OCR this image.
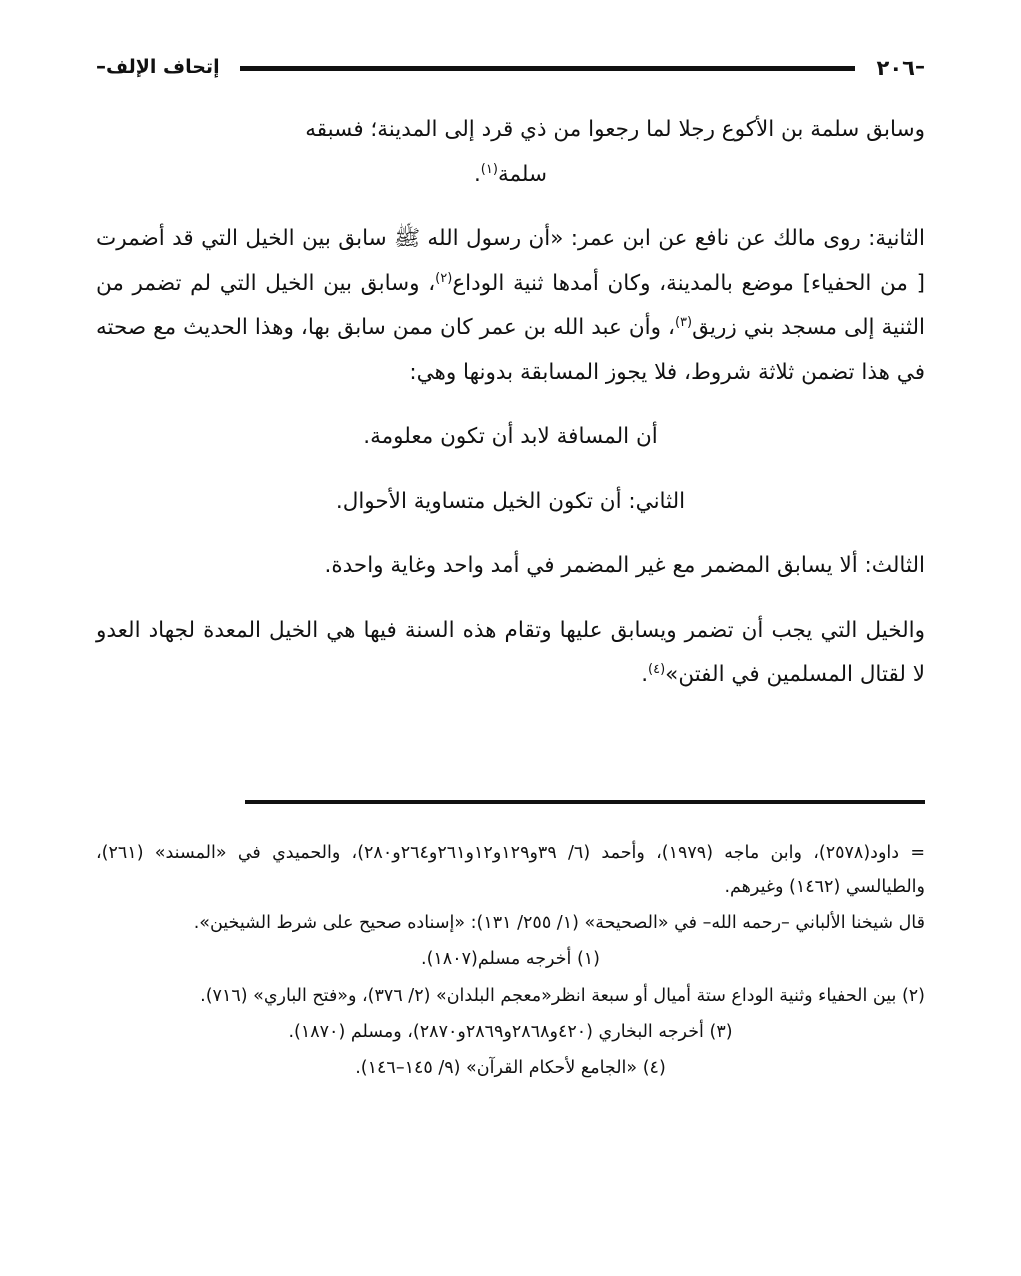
–
٢٠٦
إتحاف الإلف
–

وسابق سلمة بن الأكوع رجلا لما رجعوا من ذي قرد إلى المدينة؛ فسبقه
سلمة$^{(١)}$.

الثانية: روى مالك عن نافع عن ابن عمر: «أن رسول الله ﷺ سابق بين الخيل التي قد أضمرت [ من الحفياء] موضع بالمدينة، وكان أمدها ثنية الوداع$^{(٢)}$، وسابق بين الخيل التي لم تضمر من الثنية إلى مسجد بني زريق$^{(٣)}$، وأن عبد الله بن عمر كان ممن سابق بها، وهذا الحديث مع صحته في هذا تضمن ثلاثة شروط، فلا يجوز المسابقة بدونها وهي:

أن المسافة لابد أن تكون معلومة.

الثاني: أن تكون الخيل متساوية الأحوال.

الثالث: ألا يسابق المضمر مع غير المضمر في أمد واحد وغاية واحدة.

والخيل التي يجب أن تضمر ويسابق عليها وتقام هذه السنة فيها هي الخيل المعدة لجهاد العدو لا لقتال المسلمين في الفتن»$^{(٤)}$.

= داود(٢٥٧٨)، وابن ماجه (١٩٧٩)، وأحمد (٦/ ٣٩و١٢٩و١٢و٢٦١و٢٦٤و٢٨٠)، والحميدي في «المسند» (٢٦١)، والطيالسي (١٤٦٢) وغيرهم.

قال شيخنا الألباني –رحمه الله– في «الصحيحة» (١/ ٢٥٥/ ١٣١): «إسناده صحيح على شرط الشيخين».

(١) أخرجه مسلم(١٨٠٧).

(٢) بين الحفياء وثنية الوداع ستة أميال أو سبعة انظر«معجم البلدان» (٢/ ٣٧٦)، و«فتح الباري» (٧١٦).

(٣) أخرجه البخاري (٤٢٠و٢٨٦٨و٢٨٦٩و٢٨٧٠)، ومسلم (١٨٧٠).

(٤) «الجامع لأحكام القرآن» (٩/ ١٤٥–١٤٦).
